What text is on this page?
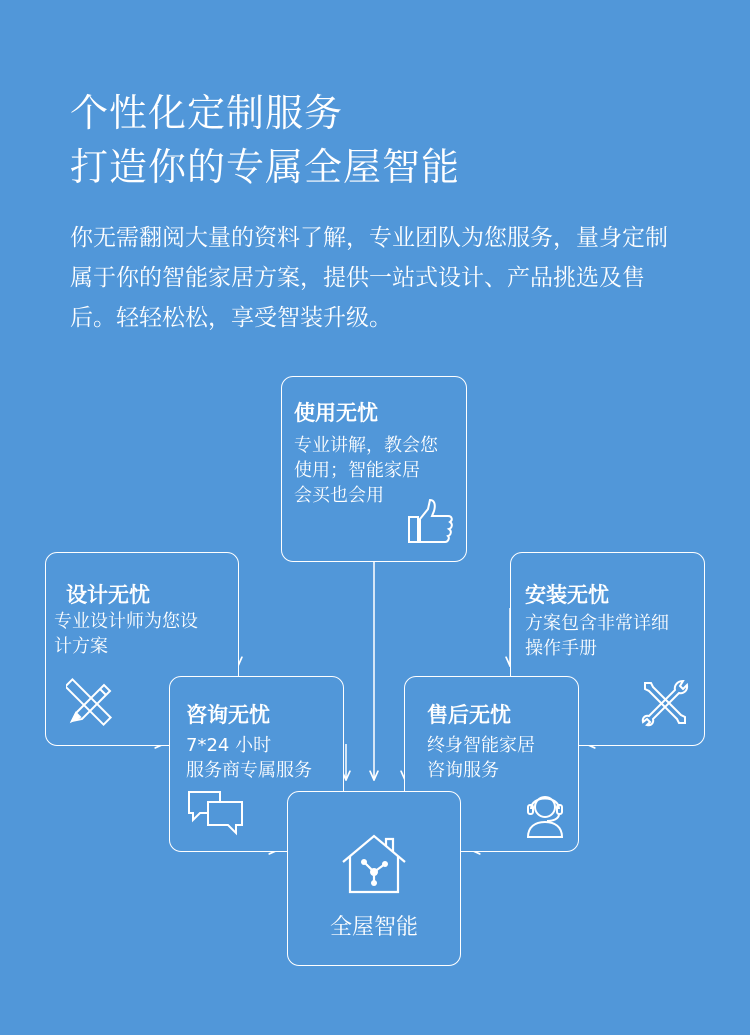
个性化定制服务
打造你的专属全屋智能

你无需翻阅大量的资料了解，专业团队为您服务，量身定制属于你的智能家居方案，提供一站式设计、产品挑选及售后。轻轻松松，享受智装升级。

使用无忧
专业讲解，教会您
使用；智能家居
会买也会用
设计无忧
专业设计师为您设
计方案
安装无忧
方案包含非常详细
操作手册
咨询无忧
7*24 小时
服务商专属服务
售后无忧
终身智能家居
咨询服务
全屋智能
